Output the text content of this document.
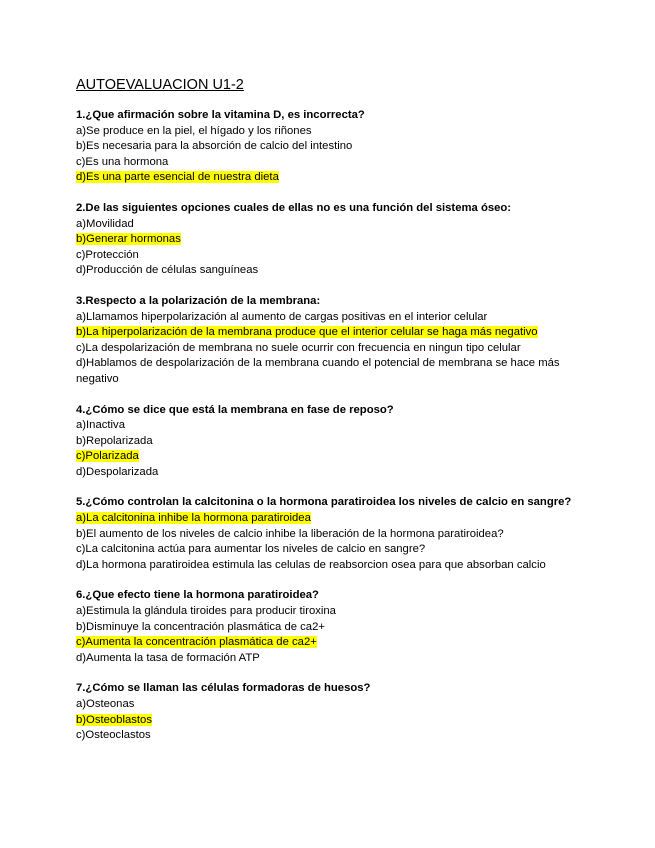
AUTOEVALUACION U1-2

1.¿Que afirmación sobre la vitamina D, es incorrecta?

a)Se produce en la piel, el hígado y los riñones

b)Es necesaria para la absorción de calcio del intestino

c)Es una hormona

d)Es una parte esencial de nuestra dieta

2.De las siguientes opciones cuales de ellas no es una función del sistema óseo:

a)Movilidad

b)Generar hormonas

c)Protección

d)Producción de células sanguíneas

3.Respecto a la polarización de la membrana:

a)Llamamos hiperpolarización al aumento de cargas positivas en el interior celular

b)La hiperpolarización de la membrana produce que el interior celular se haga más negativo

c)La despolarización de membrana no suele ocurrir con frecuencia en ningun tipo celular

d)Hablamos de despolarización de la membrana cuando el potencial de membrana se hace más negativo

4.¿Cómo se dice que está la membrana en fase de reposo?

a)Inactiva

b)Repolarizada

c)Polarizada

d)Despolarizada

5.¿Cómo controlan la calcitonina o la hormona paratiroidea los niveles de calcio en sangre?

a)La calcitonina inhibe la hormona paratiroidea

b)El aumento de los niveles de calcio inhibe la liberación de la hormona paratiroidea?

c)La calcitonina actúa para aumentar los niveles de calcio en sangre?

d)La hormona paratiroidea estimula las celulas de reabsorcion osea para que absorban calcio

6.¿Que efecto tiene la hormona paratiroidea?

a)Estimula la glándula tiroides para producir tiroxina

b)Disminuye la concentración plasmática de ca2+

c)Aumenta la concentración plasmática de ca2+

d)Aumenta la tasa de formación ATP

7.¿Cómo se llaman las células formadoras de huesos?

a)Osteonas

b)Osteoblastos

c)Osteoclastos
